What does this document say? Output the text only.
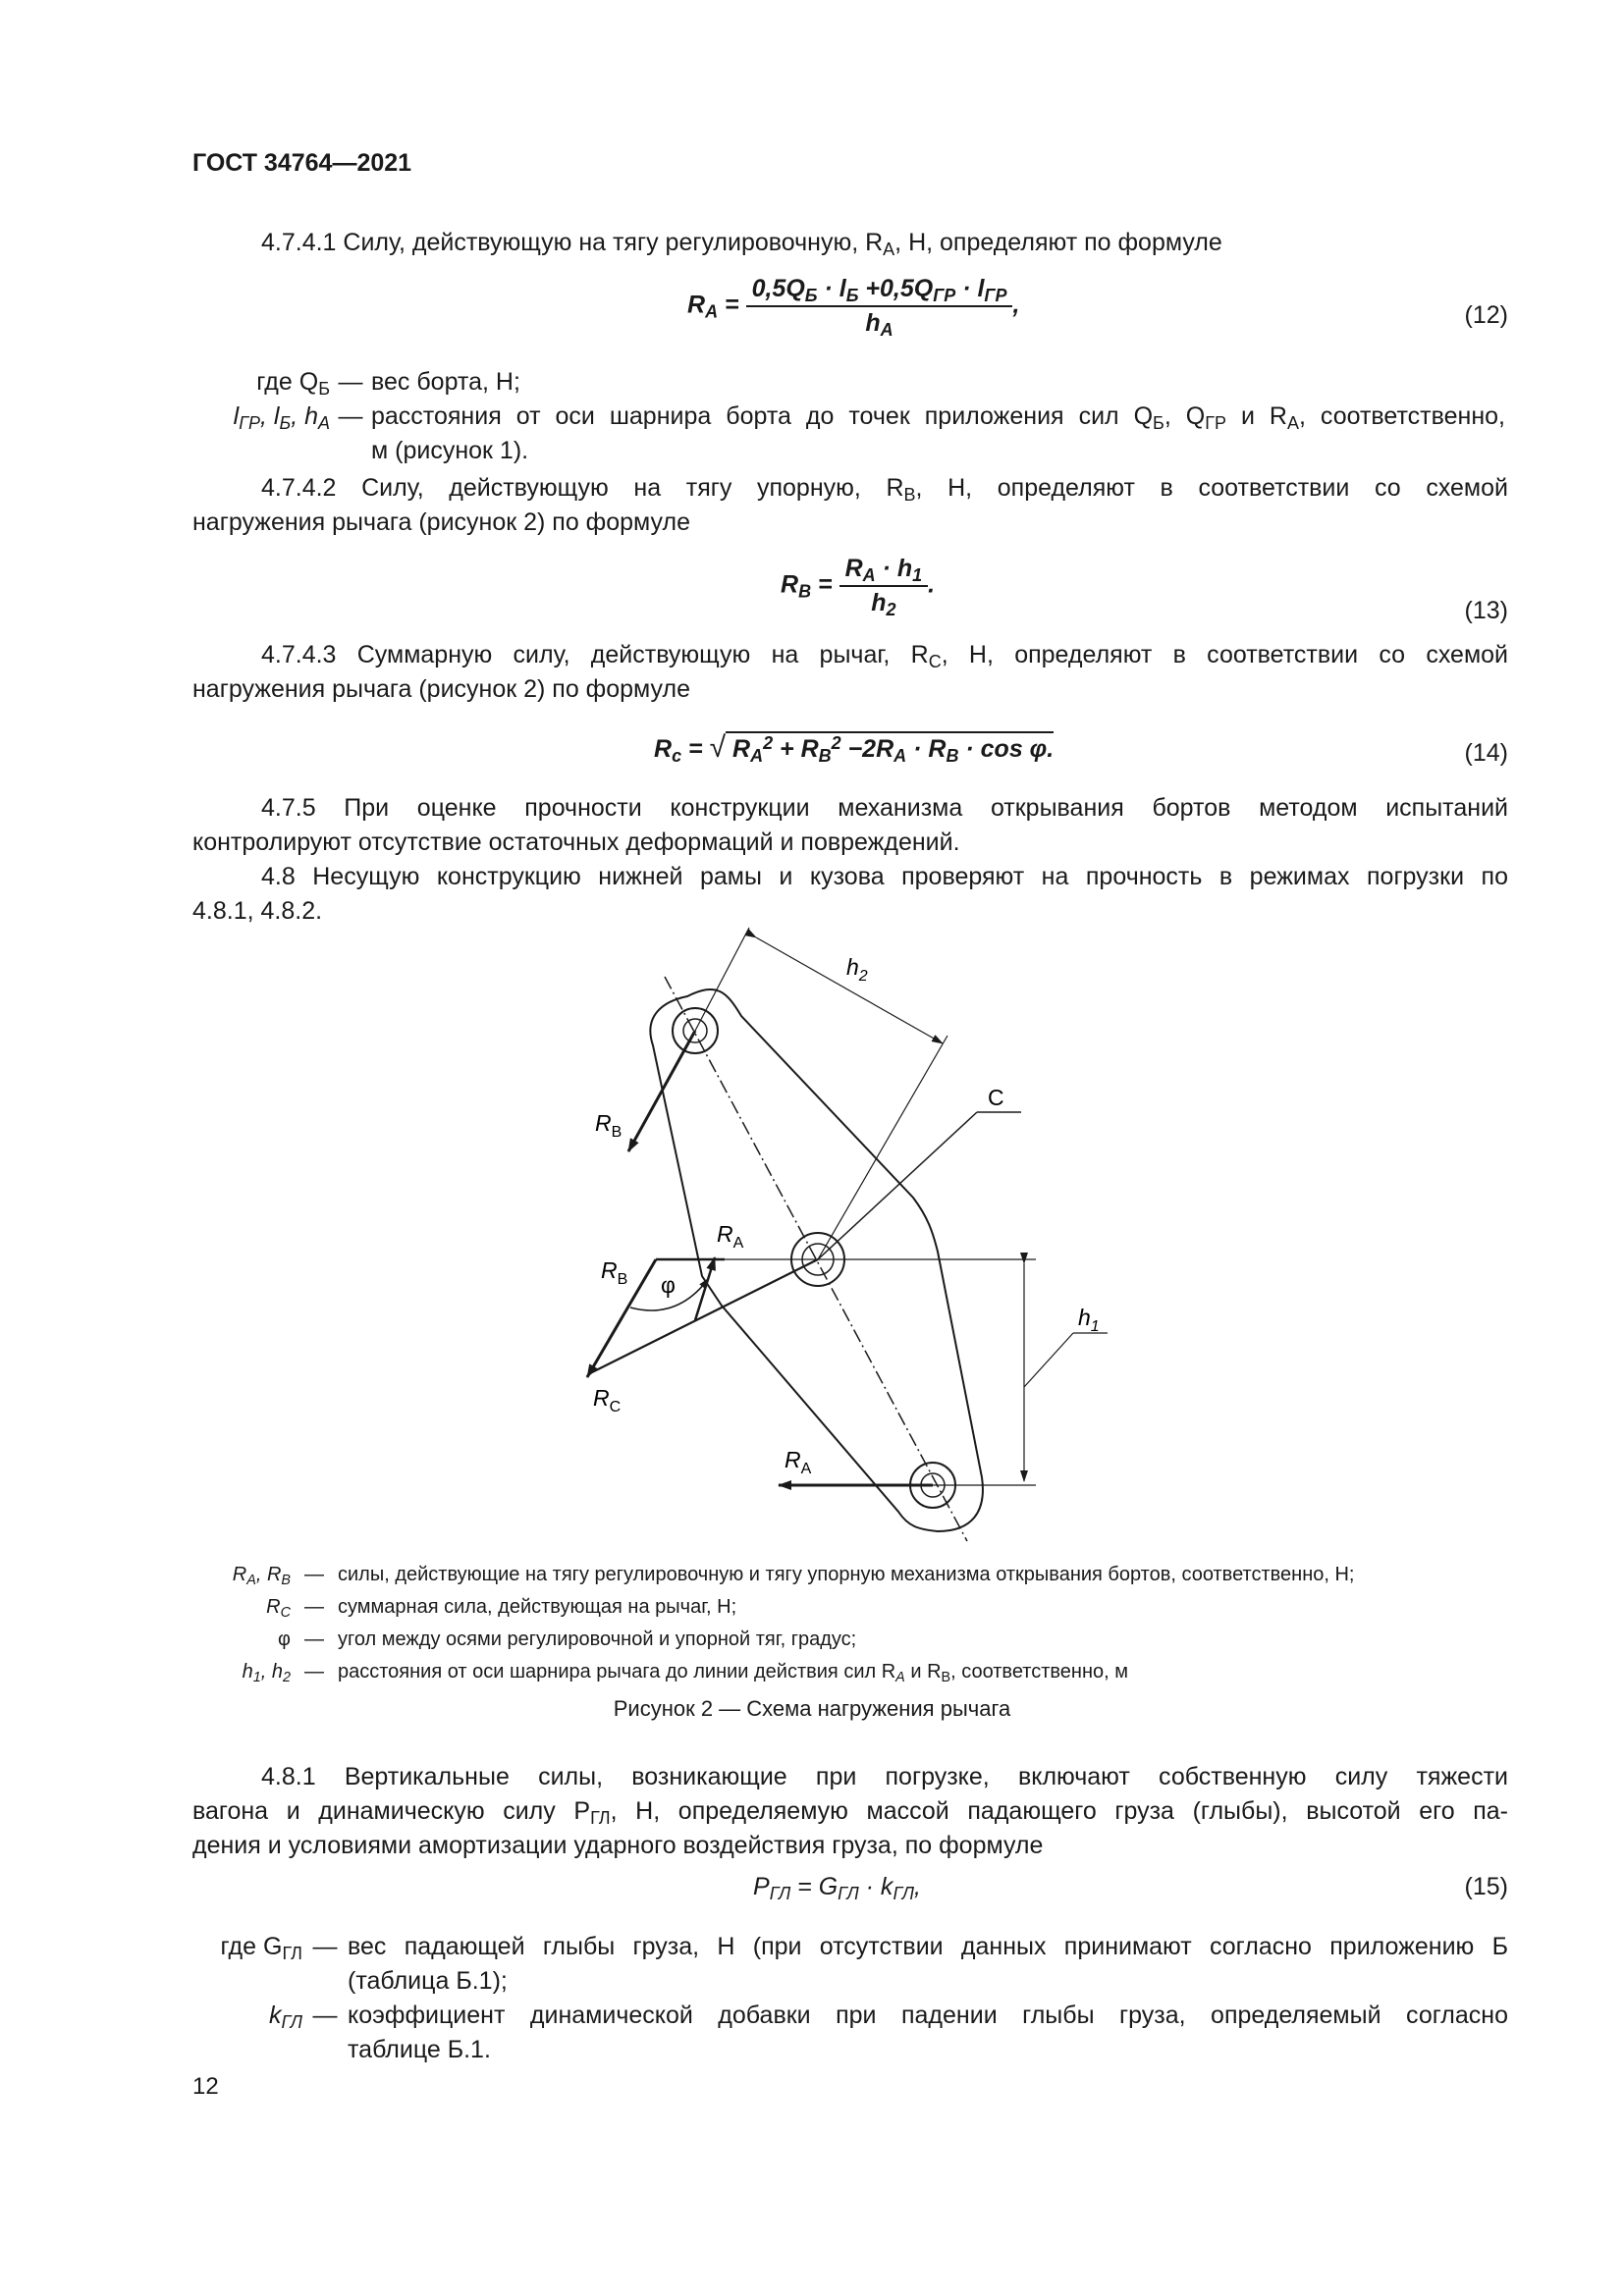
ГОСТ 34764—2021
4.7.4.1 Силу, действующую на тягу регулировочную, $R_А$, Н, определяют по формуле
$R_A = \frac{0,5Q_Б \cdot l_Б +0,5Q_{ГР} \cdot l_{ГР}}{h_A}$ ,	(12)
где $Q_Б$ — вес борта, Н;
$l_{ГР}$, $l_Б$, $h_А$ — расстояния от оси шарнира борта до точек приложения сил $Q_Б$, $Q_{ГР}$ и $R_А$, соответственно,
м (рисунок 1).
4.7.4.2 Силу, действующую на тягу упорную, $R_В$, Н, определяют в соответствии со схемой
нагружения рычага (рисунок 2) по формуле
$R_B = \frac{R_A \cdot h_1}{h_2}$ .
(13)
4.7.4.3 Суммарную силу, действующую на рычаг, $R_С$, Н, определяют в соответствии со схемой
нагружения рычага (рисунок 2) по формуле
$R_c$ = √ $R_A^2 + R_B^2 -2R_A \cdot R_B \cdot \cos \varphi$.	(14)
4.7.5 При оценке прочности конструкции механизма открывания бортов методом испытаний
контролируют отсутствие остаточных деформаций и повреждений.
4.8 Несущую конструкцию нижней рамы и кузова проверяют на прочность в режимах погрузки по
4.8.1, 4.8.2.
$h_2$
C
$R_B$
$R_A$
$R_B$ φ
$h_1$
$R_C$
$R_A$
$R_A$, $R_B$ — силы, действующие на тягу регулировочную и тягу упорную механизма открывания бортов, соответственно, Н;
$R_C$ — суммарная сила, действующая на рычаг, Н;
φ — угол между осями регулировочной и упорной тяг, градус;
$h_1$, $h_2$ — расстояния от оси шарнира рычага до линии действия сил $R_A$ и $R_B$, соответственно, м
Рисунок 2 — Схема нагружения рычага
4.8.1 Вертикальные силы, возникающие при погрузке, включают собственную силу тяжести
вагона и динамическую силу $P_{ГЛ}$, Н, определяемую массой падающего груза (глыбы), высотой его па-
дения и условиями амортизации ударного воздействия груза, по формуле
$P_{ГЛ} = G_{ГЛ} \cdot k_{ГЛ}$,	(15)
где $G_{ГЛ}$ — вес падающей глыбы груза, Н (при отсутствии данных принимают согласно приложению Б
(таблица Б.1);
$k_{ГЛ}$ — коэффициент динамической добавки при падении глыбы груза, определяемый согласно
таблице Б.1.
12
